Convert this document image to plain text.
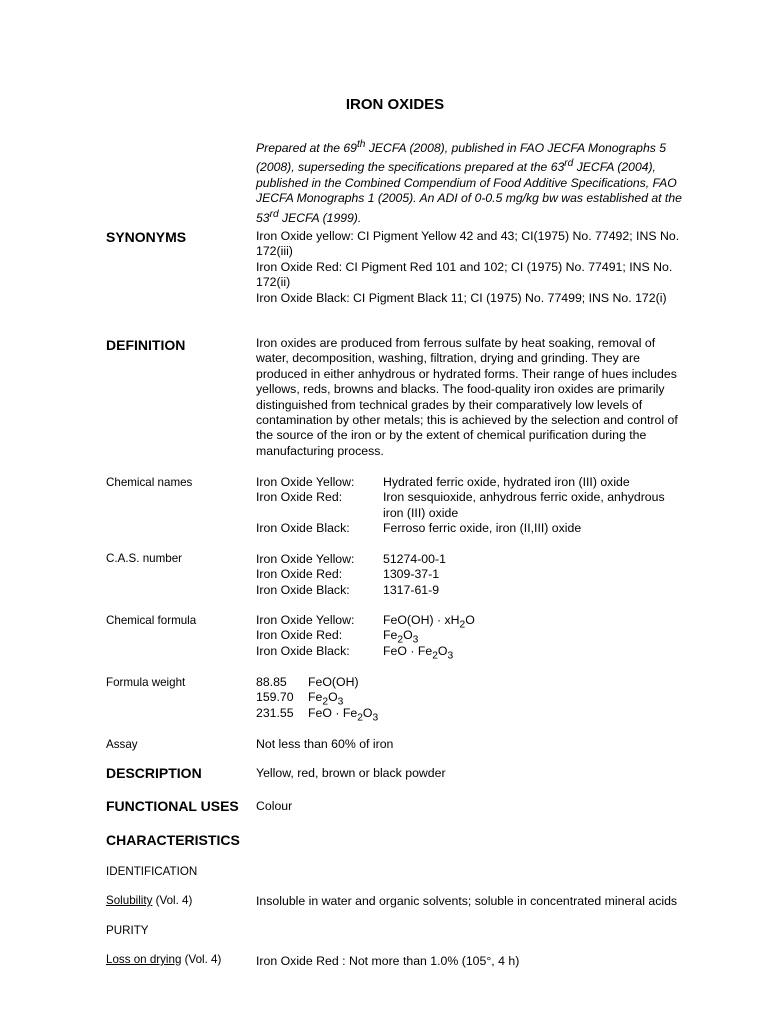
IRON OXIDES
Prepared at the 69th JECFA (2008), published in FAO JECFA Monographs 5 (2008), superseding the specifications prepared at the 63rd JECFA (2004), published in the Combined Compendium of Food Additive Specifications, FAO JECFA Monographs 1 (2005). An ADI of 0-0.5 mg/kg bw was established at the 53rd JECFA (1999).
SYNONYMS	Iron Oxide yellow: CI Pigment Yellow 42 and 43; CI(1975) No. 77492; INS No. 172(iii)
Iron Oxide Red: CI Pigment Red 101 and 102; CI (1975) No. 77491; INS No. 172(ii)
Iron Oxide Black: CI Pigment Black 11; CI (1975) No. 77499; INS No. 172(i)
DEFINITION	Iron oxides are produced from ferrous sulfate by heat soaking, removal of water, decomposition, washing, filtration, drying and grinding. They are produced in either anhydrous or hydrated forms. Their range of hues includes yellows, reds, browns and blacks. The food-quality iron oxides are primarily distinguished from technical grades by their comparatively low levels of contamination by other metals; this is achieved by the selection and control of the source of the iron or by the extent of chemical purification during the manufacturing process.
Chemical names	Iron Oxide Yellow: Hydrated ferric oxide, hydrated iron (III) oxide
Iron Oxide Red:	Iron sesquioxide, anhydrous ferric oxide, anhydrous iron (III) oxide
Iron Oxide Black:	Ferroso ferric oxide, iron (II,III) oxide
C.A.S. number	Iron Oxide Yellow: 51274-00-1
Iron Oxide Red:	1309-37-1
Iron Oxide Black:	1317-61-9
Chemical formula	Iron Oxide Yellow: $FeO(OH) \cdot xH_2O$
Iron Oxide Red:	$Fe_2O_3$
Iron Oxide Black:	FeO · $Fe_2O_3$
Formula weight	88.85 FeO(OH)
159.70 $Fe_2O_3$
231.55 FeO · $Fe_2O_3$
Assay	Not less than 60% of iron
DESCRIPTION	Yellow, red, brown or black powder
FUNCTIONAL USES Colour
CHARACTERISTICS
IDENTIFICATION
Solubility (Vol. 4)	Insoluble in water and organic solvents; soluble in concentrated mineral acids
PURITY
Loss on drying (Vol. 4)	Iron Oxide Red : Not more than 1.0% (105°, 4 h)
